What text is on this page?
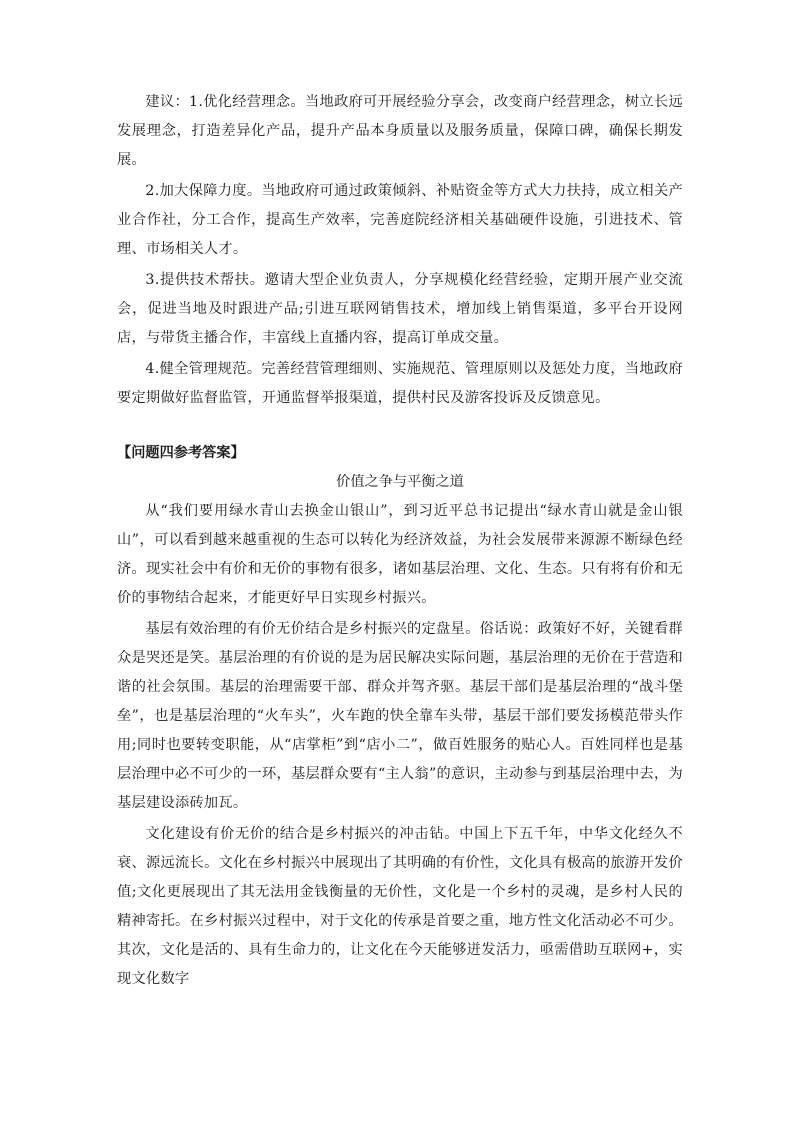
建议：1.优化经营理念。当地政府可开展经验分享会，改变商户经营理念，树立长远发展理念，打造差异化产品，提升产品本身质量以及服务质量，保障口碑，确保长期发展。

2.加大保障力度。当地政府可通过政策倾斜、补贴资金等方式大力扶持，成立相关产业合作社，分工合作，提高生产效率，完善庭院经济相关基础硬件设施，引进技术、管理、市场相关人才。

3.提供技术帮扶。邀请大型企业负责人，分享规模化经营经验，定期开展产业交流会，促进当地及时跟进产品;引进互联网销售技术，增加线上销售渠道，多平台开设网店，与带货主播合作，丰富线上直播内容，提高订单成交量。

4.健全管理规范。完善经营管理细则、实施规范、管理原则以及惩处力度，当地政府要定期做好监督监管，开通监督举报渠道，提供村民及游客投诉及反馈意见。

【问题四参考答案】

价值之争与平衡之道

从“我们要用绿水青山去换金山银山”，到习近平总书记提出“绿水青山就是金山银山”，可以看到越来越重视的生态可以转化为经济效益，为社会发展带来源源不断绿色经济。现实社会中有价和无价的事物有很多，诸如基层治理、文化、生态。只有将有价和无价的事物结合起来，才能更好早日实现乡村振兴。

基层有效治理的有价无价结合是乡村振兴的定盘星。俗话说：政策好不好，关键看群众是哭还是笑。基层治理的有价说的是为居民解决实际问题，基层治理的无价在于营造和谐的社会氛围。基层的治理需要干部、群众并驾齐驱。基层干部们是基层治理的“战斗堡垒”，也是基层治理的“火车头”，火车跑的快全靠车头带，基层干部们要发扬模范带头作用;同时也要转变职能，从“店掌柜”到“店小二”，做百姓服务的贴心人。百姓同样也是基层治理中必不可少的一环，基层群众要有“主人翁”的意识，主动参与到基层治理中去，为基层建设添砖加瓦。

文化建设有价无价的结合是乡村振兴的冲击钻。中国上下五千年，中华文化经久不衰、源远流长。文化在乡村振兴中展现出了其明确的有价性，文化具有极高的旅游开发价值;文化更展现出了其无法用金钱衡量的无价性，文化是一个乡村的灵魂，是乡村人民的精神寄托。在乡村振兴过程中，对于文化的传承是首要之重，地方性文化活动必不可少。其次，文化是活的、具有生命力的，让文化在今天能够迸发活力，亟需借助互联网+，实现文化数字
